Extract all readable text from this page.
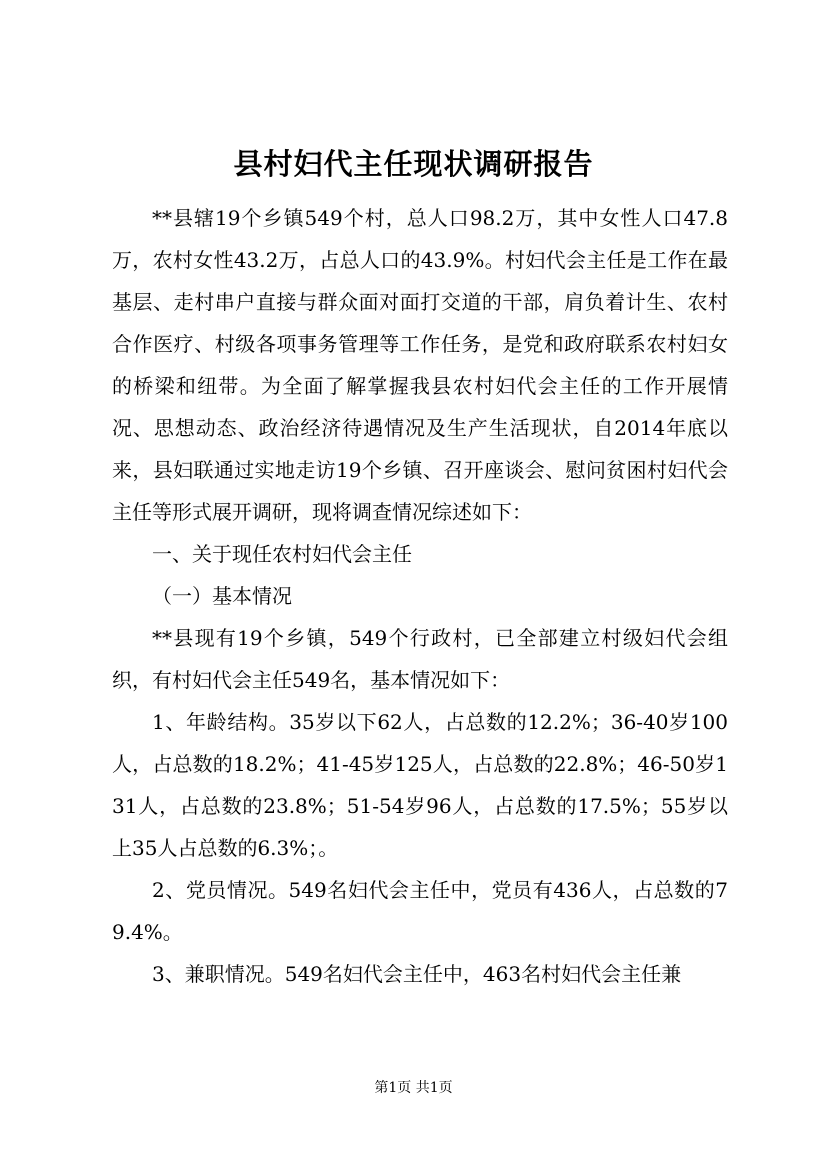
县村妇代主任现状调研报告

**县辖19个乡镇549个村，总人口98.2万，其中女性人口47.8万，农村女性43.2万，占总人口的43.9%。村妇代会主任是工作在最基层、走村串户直接与群众面对面打交道的干部，肩负着计生、农村合作医疗、村级各项事务管理等工作任务，是党和政府联系农村妇女的桥梁和纽带。为全面了解掌握我县农村妇代会主任的工作开展情况、思想动态、政治经济待遇情况及生产生活现状，自2014年底以来，县妇联通过实地走访19个乡镇、召开座谈会、慰问贫困村妇代会主任等形式展开调研，现将调查情况综述如下：

一、关于现任农村妇代会主任

（一）基本情况

**县现有19个乡镇，549个行政村，已全部建立村级妇代会组织，有村妇代会主任549名，基本情况如下：

1、年龄结构。35岁以下62人，占总数的12.2%；36-40岁100人，占总数的18.2%；41-45岁125人，占总数的22.8%；46-50岁131人，占总数的23.8%；51-54岁96人，占总数的17.5%；55岁以上35人占总数的6.3%；。

2、党员情况。549名妇代会主任中，党员有436人，占总数的79.4%。

3、兼职情况。549名妇代会主任中，463名村妇代会主任兼

第1页 共1页
